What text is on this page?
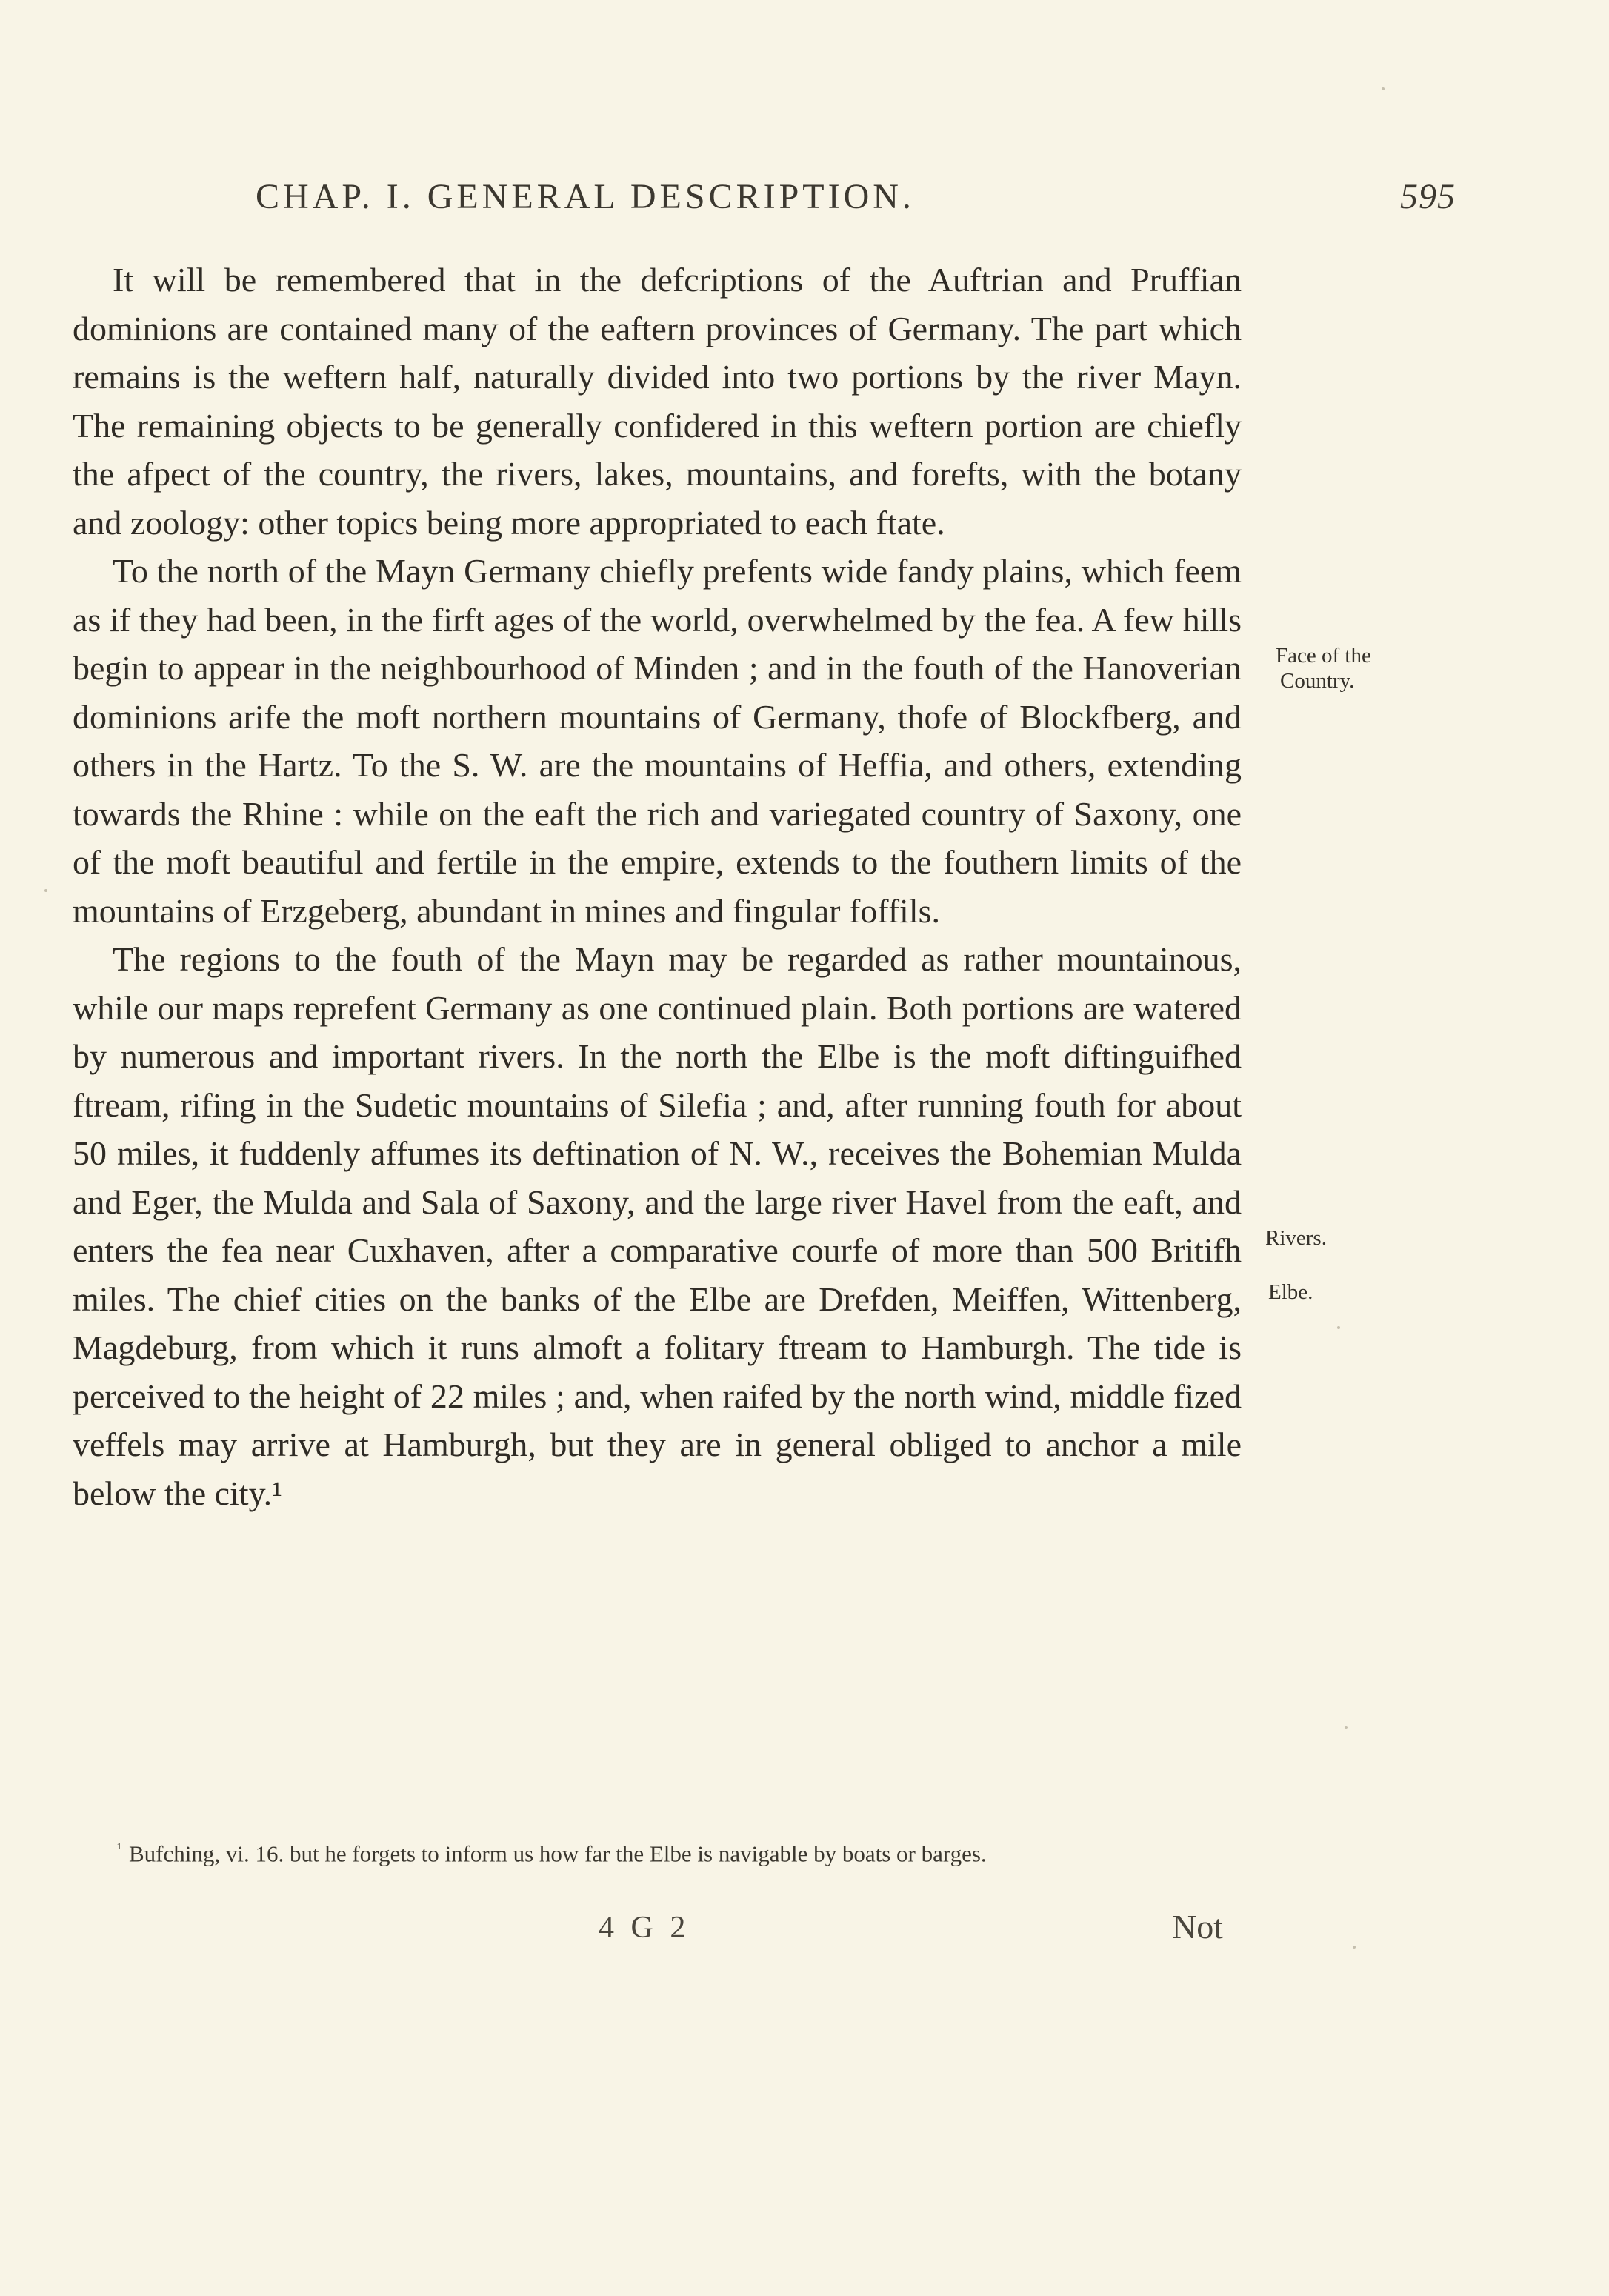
CHAP. I. GENERAL DESCRIPTION.	595

It will be remembered that in the defcriptions of the Auftrian and Pruffian dominions are contained many of the eaftern provinces of Germany. The part which remains is the weftern half, naturally divided into two portions by the river Mayn. The remaining objects to be generally confidered in this weftern portion are chiefly the afpect of the country, the rivers, lakes, mountains, and forefts, with the botany and zoology: other topics being more appropriated to each ftate.

To the north of the Mayn Germany chiefly prefents wide fandy plains, which feem as if they had been, in the firft ages of the world, overwhelmed by the fea. A few hills begin to appear in the neighbourhood of Minden ; and in the fouth of the Hanoverian dominions arife the moft northern mountains of Germany, thofe of Blockfberg, and others in the Hartz. To the S. W. are the mountains of Heffia, and others, extending towards the Rhine : while on the eaft the rich and variegated country of Saxony, one of the moft beautiful and fertile in the empire, extends to the fouthern limits of the mountains of Erzgeberg, abundant in mines and fingular foffils.

The regions to the fouth of the Mayn may be regarded as rather mountainous, while our maps reprefent Germany as one continued plain. Both portions are watered by numerous and important rivers. In the north the Elbe is the moft diftinguifhed ftream, rifing in the Sudetic mountains of Silefia ; and, after running fouth for about 50 miles, it fuddenly affumes its deftination of N. W., receives the Bohemian Mulda and Eger, the Mulda and Sala of Saxony, and the large river Havel from the eaft, and enters the fea near Cuxhaven, after a comparative courfe of more than 500 Britifh miles. The chief cities on the banks of the Elbe are Drefden, Meiffen, Wittenberg, Magdeburg, from which it runs almoft a folitary ftream to Hamburgh. The tide is perceived to the height of 22 miles ; and, when raifed by the north wind, middle fized veffels may arrive at Hamburgh, but they are in general obliged to anchor a mile below the city.¹

Face of the
Country.
Rivers.
Elbe.
$^{^1}$ Bufching, vi. 16. but he forgets to inform us how far the Elbe is navigable by boats or barges.
4 G 2	Not
